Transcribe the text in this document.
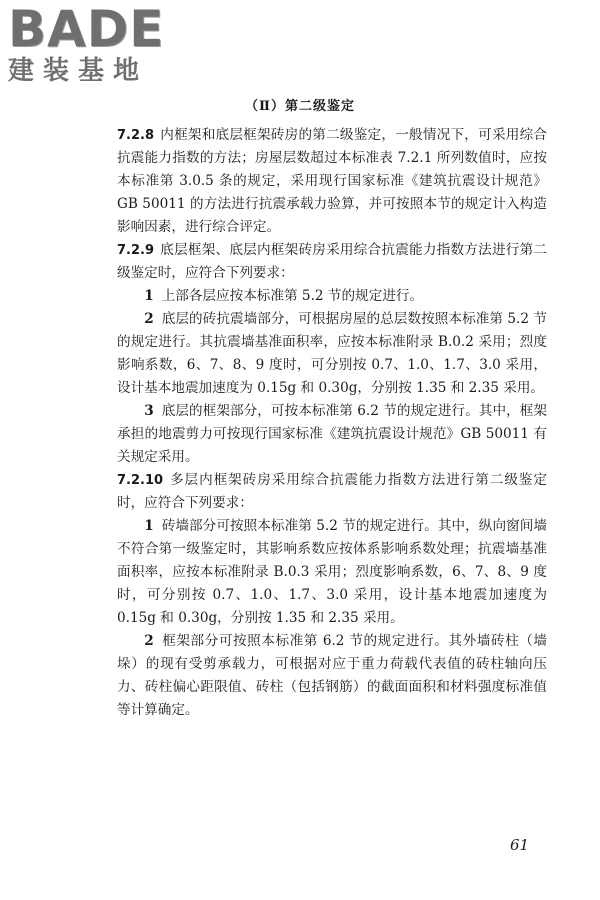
BADE
建装基地
（Ⅱ）第二级鉴定

7.2.8 内框架和底层框架砖房的第二级鉴定，一般情况下，可采用综合抗震能力指数的方法；房屋层数超过本标准表 7.2.1 所列数值时，应按本标准第 3.0.5 条的规定，采用现行国家标准《建筑抗震设计规范》GB 50011 的方法进行抗震承载力验算，并可按照本节的规定计入构造影响因素，进行综合评定。

7.2.9 底层框架、底层内框架砖房采用综合抗震能力指数方法进行第二级鉴定时，应符合下列要求：

1 上部各层应按本标准第 5.2 节的规定进行。

2 底层的砖抗震墙部分，可根据房屋的总层数按照本标准第 5.2 节的规定进行。其抗震墙基准面积率，应按本标准附录 B.0.2 采用；烈度影响系数，6、7、8、9 度时，可分别按 0.7、1.0、1.7、3.0 采用，设计基本地震加速度为 0.15g 和 0.30g，分别按 1.35 和 2.35 采用。

3 底层的框架部分，可按本标准第 6.2 节的规定进行。其中，框架承担的地震剪力可按现行国家标准《建筑抗震设计规范》GB 50011 有关规定采用。

7.2.10 多层内框架砖房采用综合抗震能力指数方法进行第二级鉴定时，应符合下列要求：

1 砖墙部分可按照本标准第 5.2 节的规定进行。其中，纵向窗间墙不符合第一级鉴定时，其影响系数应按体系影响系数处理；抗震墙基准面积率，应按本标准附录 B.0.3 采用；烈度影响系数，6、7、8、9 度时，可分别按 0.7、1.0、1.7、3.0 采用，设计基本地震加速度为 0.15g 和 0.30g，分别按 1.35 和 2.35 采用。

2 框架部分可按照本标准第 6.2 节的规定进行。其外墙砖柱（墙垛）的现有受剪承载力，可根据对应于重力荷载代表值的砖柱轴向压力、砖柱偏心距限值、砖柱（包括钢筋）的截面面积和材料强度标准值等计算确定。

61
